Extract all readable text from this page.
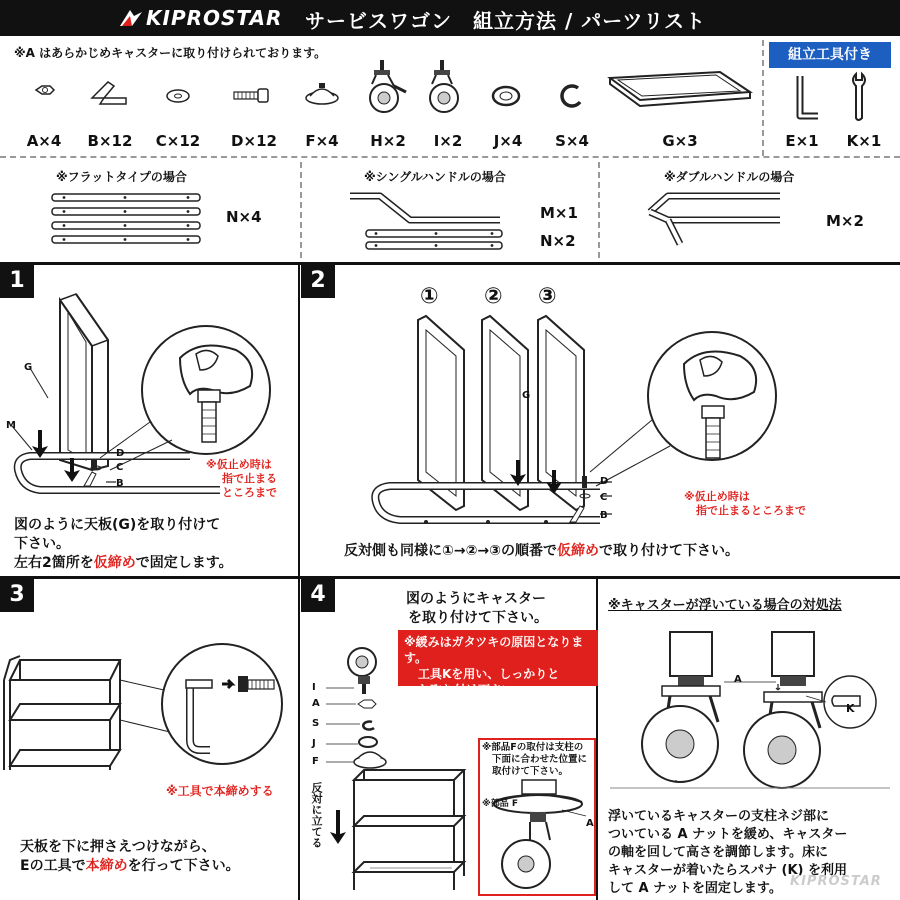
KIPROSTAR サービスワゴン　組立方法 / パーツリスト
※A はあらかじめキャスターに取り付けられております。
A×4	B×12	C×12	D×12	F×4	H×2	I×2	J×4	S×4	G×3
組立工具付き
E×1	K×1
※フラットタイプの場合
N×4
※シングルハンドルの場合
M×1
N×2
※ダブルハンドルの場合
M×2
1
G
M
D
C
B
※仮止め時は
指で止まる
ところまで
図のように天板(G)を取り付けて
下さい。
左右2箇所を仮締めで固定します。
2
① ② ③
G
D
C
B
※仮止め時は
指で止まるところまで
反対側も同様に①→②→③の順番で仮締めで取り付けて下さい。
3
※工具で本締めする
天板を下に押さえつけながら、
Eの工具で本締めを行って下さい。
4	図のようにキャスター
を取り付けて下さい。
※緩みはガタツキの原因となります。
工具Kを用い、しっかりと
お取り付け下さい。
I
A
S
J
F
反対に立てる
※部品Fの取付は支柱の
下面に合わせた位置に
取付けて下さい。
※部品 F
A
※キャスターが浮いている場合の対処法
A
K
浮いているキャスターの支柱ネジ部に
ついている A ナットを緩め、キャスター
の軸を回して高さを調節します。床に
キャスターが着いたらスパナ (K) を利用
して A ナットを固定します。 KIPROSTAR
